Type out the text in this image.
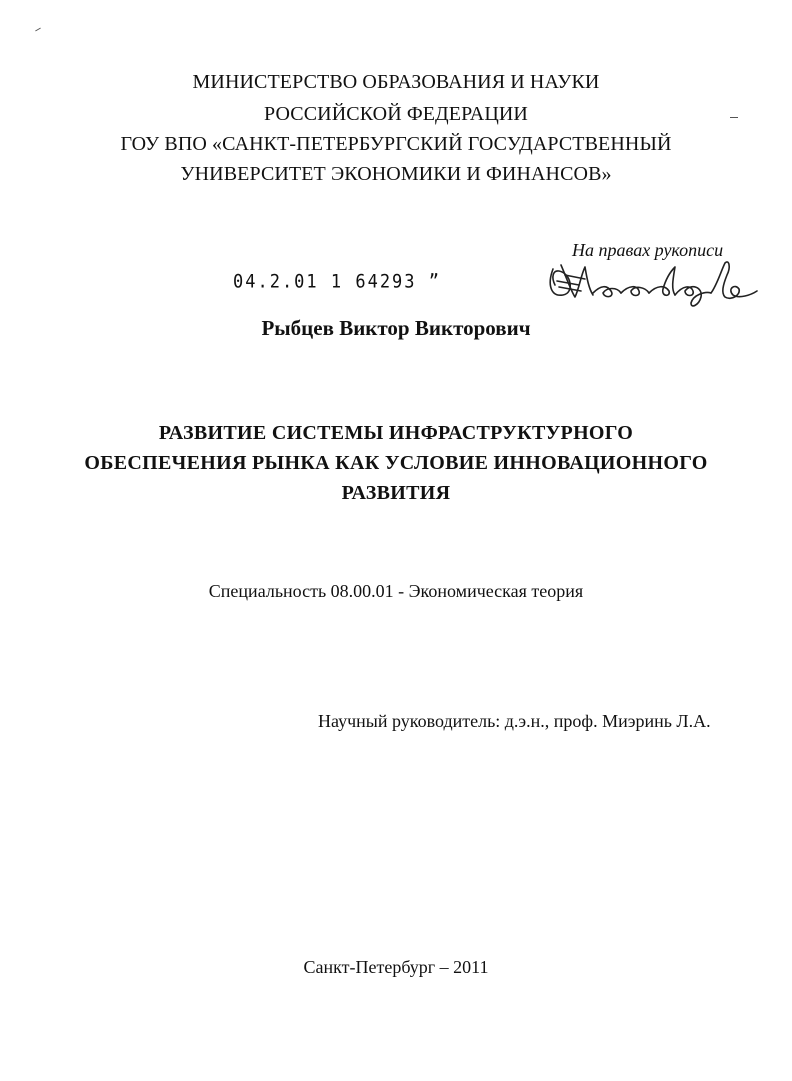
МИНИСТЕРСТВО ОБРАЗОВАНИЯ И НАУКИ
РОССИЙСКОЙ ФЕДЕРАЦИИ
ГОУ ВПО «САНКТ-ПЕТЕРБУРГСКИЙ ГОСУДАРСТВЕННЫЙ
УНИВЕРСИТЕТ ЭКОНОМИКИ И ФИНАНСОВ»
На правах рукописи
04.2.01 1 64293 ˮ
Рыбцев Виктор Викторович
РАЗВИТИЕ СИСТЕМЫ ИНФРАСТРУКТУРНОГО
ОБЕСПЕЧЕНИЯ РЫНКА КАК УСЛОВИЕ ИННОВАЦИОННОГО
РАЗВИТИЯ
Специальность 08.00.01 - Экономическая теория
Научный руководитель: д.э.н., проф. Миэринь Л.А.
Санкт-Петербург – 2011
